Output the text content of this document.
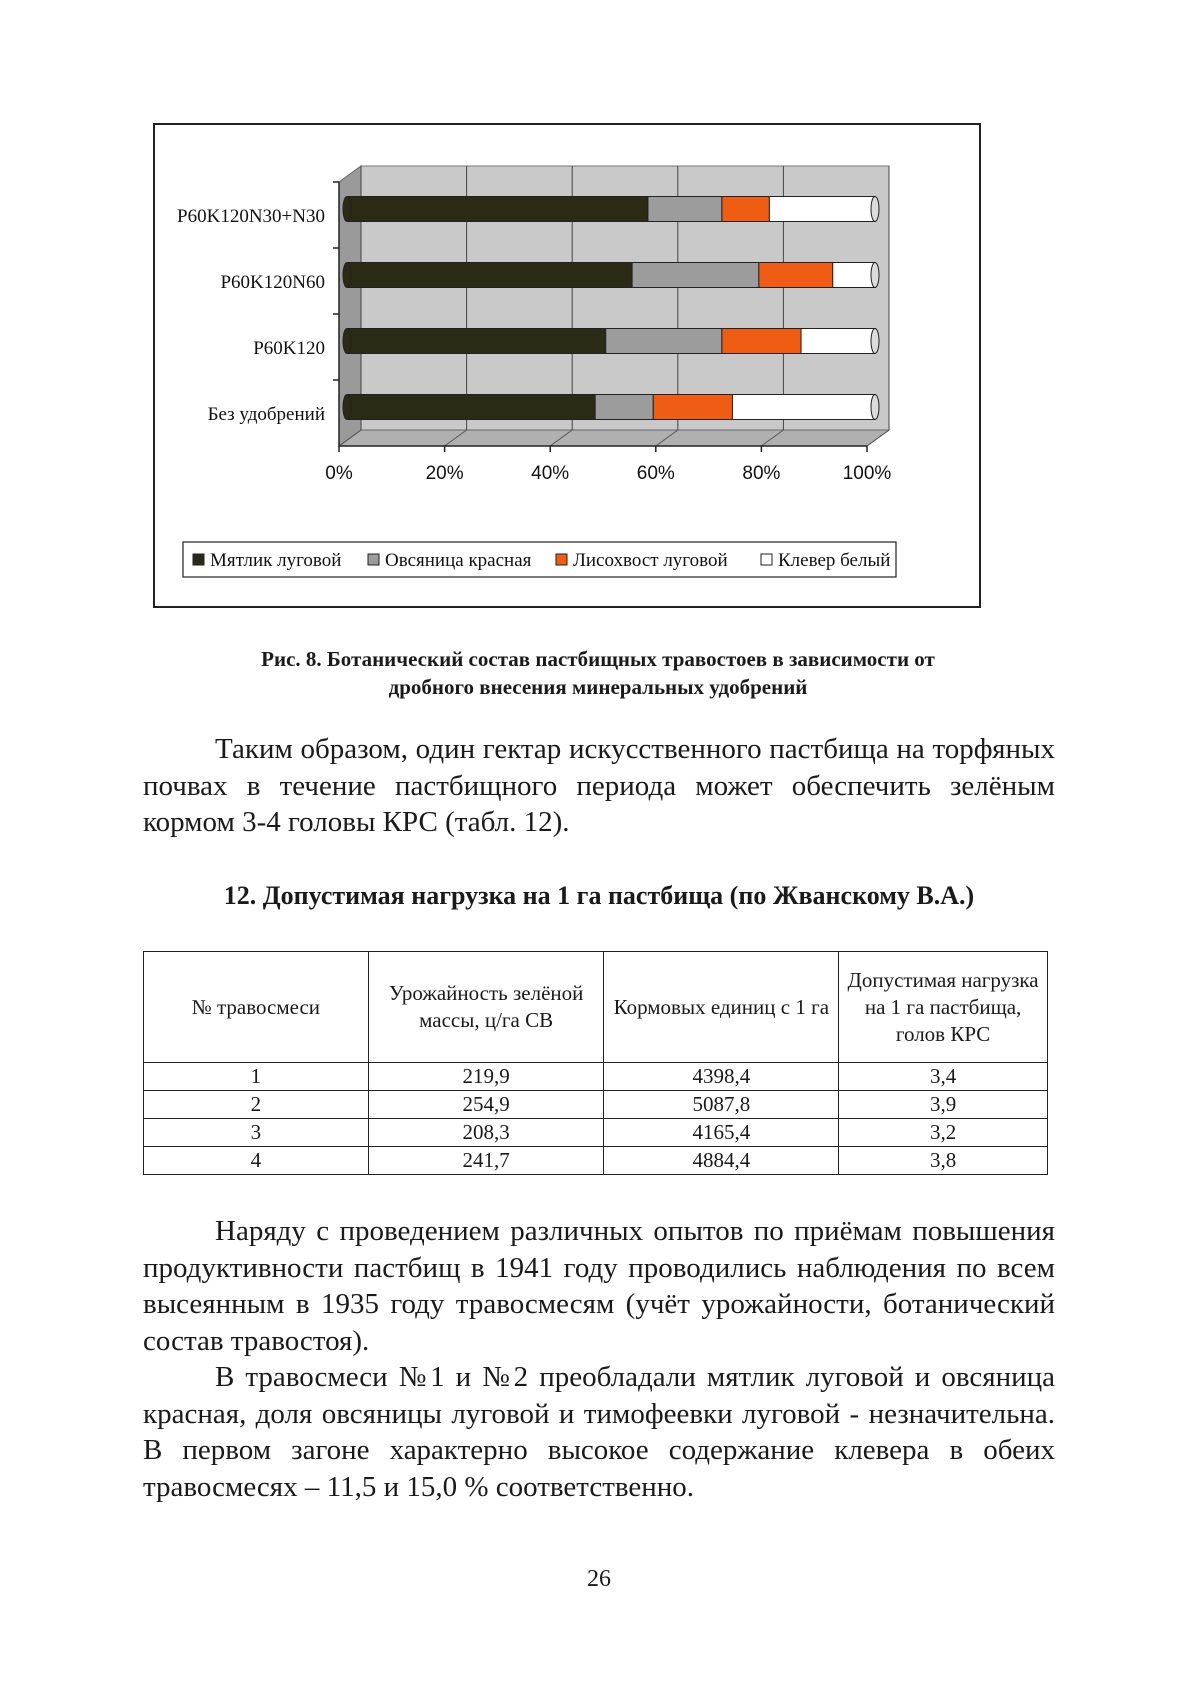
0%	20%	40%	60%	80%	100%
P60K120N30+N30
P60K120N60
P60K120
Без удобрений
Мятлик луговой Овсяница красная Лисохвост луговой	Клевер белый
Рис. 8. Ботанический состав пастбищных травостоев в зависимости от
дробного внесения минеральных удобрений

Таким образом, один гектар искусственного пастбища на торфяных почвах в течение пастбищного периода может обеспечить зелёным кормом 3-4 головы КРС (табл. 12).

12. Допустимая нагрузка на 1 га пастбища (по Жванскому В.А.)
№ травосмеси	Урожайность зелёной массы, ц/га СВ	Кормовых единиц с 1 га	Допустимая нагрузка на 1 га пастбища, голов КРС
1	219,9	4398,4	3,4
2	254,9	5087,8	3,9
3	208,3	4165,4	3,2
4	241,7	4884,4	3,8

Наряду с проведением различных опытов по приёмам повышения продуктивности пастбищ в 1941 году проводились наблюдения по всем высеянным в 1935 году травосмесям (учёт урожайности, ботанический состав травостоя).

В травосмеси №1 и №2 преобладали мятлик луговой и овсяница красная, доля овсяницы луговой и тимофеевки луговой - незначительна. В первом загоне характерно высокое содержание клевера в обеих травосмесях – 11,5 и 15,0 % соответственно.

26
